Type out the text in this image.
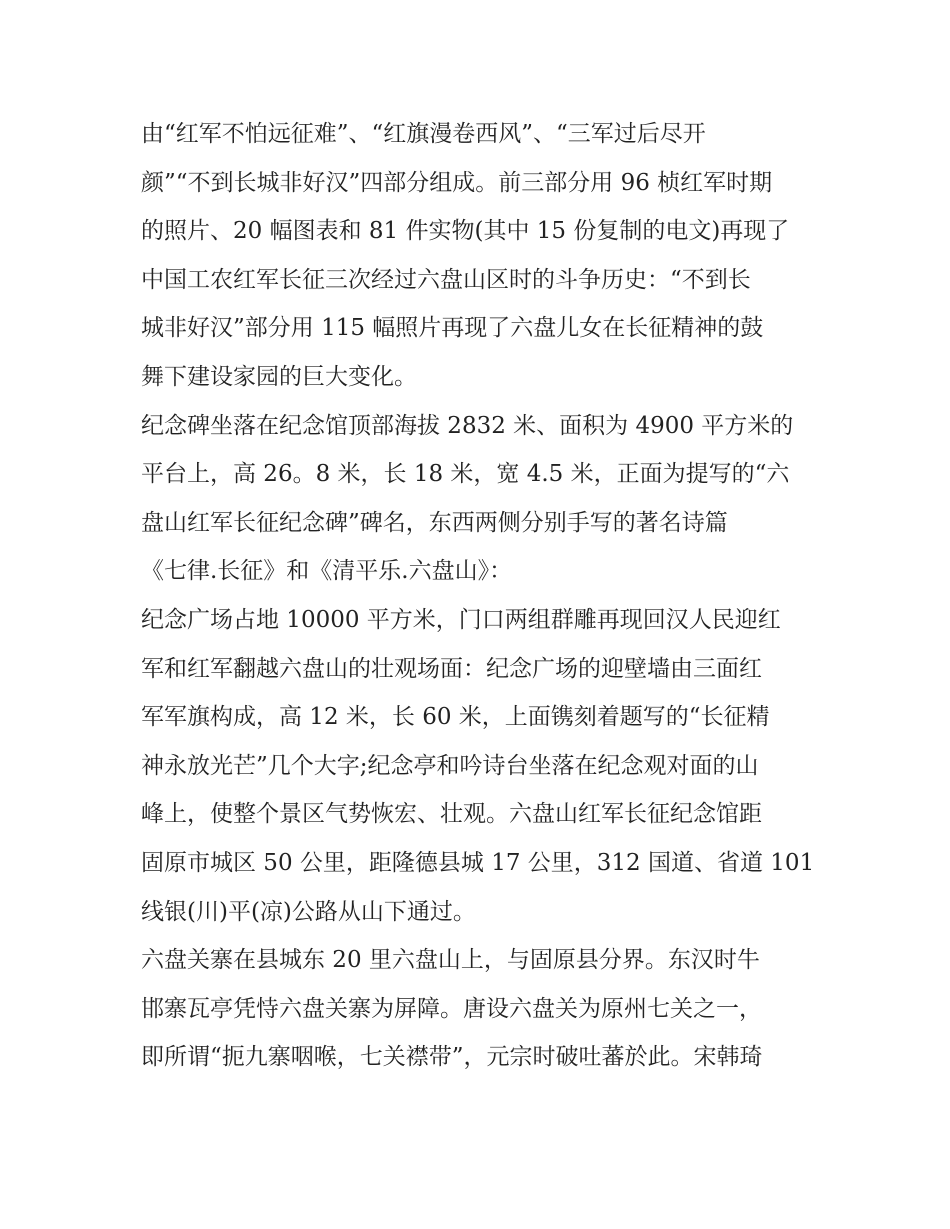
由“红军不怕远征难”、“红旗漫卷西风”、“三军过后尽开
颜”“不到长城非好汉”四部分组成。前三部分用 96 桢红军时期
的照片、20 幅图表和 81 件实物(其中 15 份复制的电文)再现了
中国工农红军长征三次经过六盘山区时的斗争历史：“不到长
城非好汉”部分用 115 幅照片再现了六盘儿女在长征精神的鼓
舞下建设家园的巨大变化。
纪念碑坐落在纪念馆顶部海拔 2832 米、面积为 4900 平方米的
平台上，高 26。8 米，长 18 米，宽 4.5 米，正面为提写的“六
盘山红军长征纪念碑”碑名，东西两侧分别手写的著名诗篇
《七律.长征》和《清平乐.六盘山》：
纪念广场占地 10000 平方米，门口两组群雕再现回汉人民迎红
军和红军翻越六盘山的壮观场面：纪念广场的迎壁墙由三面红
军军旗构成，高 12 米，长 60 米，上面镌刻着题写的“长征精
神永放光芒”几个大字;纪念亭和吟诗台坐落在纪念观对面的山
峰上，使整个景区气势恢宏、壮观。六盘山红军长征纪念馆距
固原市城区 50 公里，距隆德县城 17 公里，312 国道、省道 101
线银(川)平(凉)公路从山下通过。
六盘关寨在县城东 20 里六盘山上，与固原县分界。东汉时牛
邯寨瓦亭凭恃六盘关寨为屏障。唐设六盘关为原州七关之一，
即所谓“扼九寨咽喉，七关襟带”，元宗时破吐蕃於此。宋韩琦
